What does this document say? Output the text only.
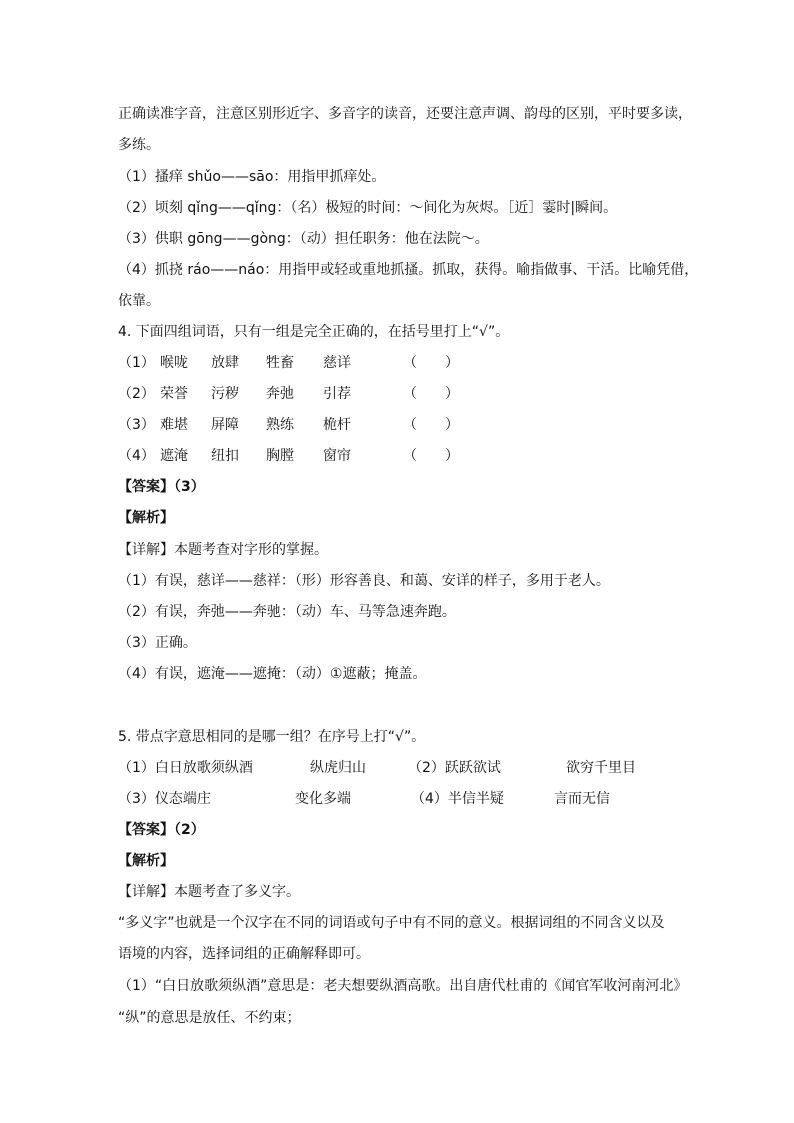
正确读准字音，注意区别形近字、多音字的读音，还要注意声调、韵母的区别，平时要多读，
多练。
（1）搔痒 shǔo——sāo：用指甲抓痒处。
（2）顷刻 qǐng——qǐng：（名）极短的时间：～间化为灰烬。［近］霎时|瞬间。
（3）供职 gōng——gòng：（动）担任职务：他在法院～。
（4）抓挠 ráo——náo：用指甲或轻或重地抓搔。抓取，获得。喻指做事、干活。比喻凭借，
依靠。
4. 下面四组词语，只有一组是完全正确的，在括号里打上“√”。
（1） 喉咙 放肆 牲畜 慈详	（　　）
（2） 荣誉 污秽 奔弛 引荐	（　　）
（3） 难堪 屏障 熟练 桅杆	（　　）
（4） 遮淹 纽扣 胸膛 窗帘	（　　）
【答案】（3）
【解析】
【详解】本题考查对字形的掌握。
（1）有误，慈详——慈祥：（形）形容善良、和蔼、安详的样子，多用于老人。
（2）有误，奔弛——奔驰：（动）车、马等急速奔跑。
（3）正确。
（4）有误，遮淹——遮掩：（动）①遮蔽；掩盖。
5. 带点字意思相同的是哪一组？在序号上打“√”。
（1）白日放歌须纵酒	纵虎归山	（2）跃跃欲试	欲穷千里目
（3）仪态端庄	变化多端	（4）半信半疑	言而无信
【答案】（2）
【解析】
【详解】本题考查了多义字。
“多义字”也就是一个汉字在不同的词语或句子中有不同的意义。根据词组的不同含义以及
语境的内容，选择词组的正确解释即可。
（1）“白日放歌须纵酒”意思是：老夫想要纵酒高歌。出自唐代杜甫的《闻官军收河南河北》
“纵”的意思是放任、不约束；
